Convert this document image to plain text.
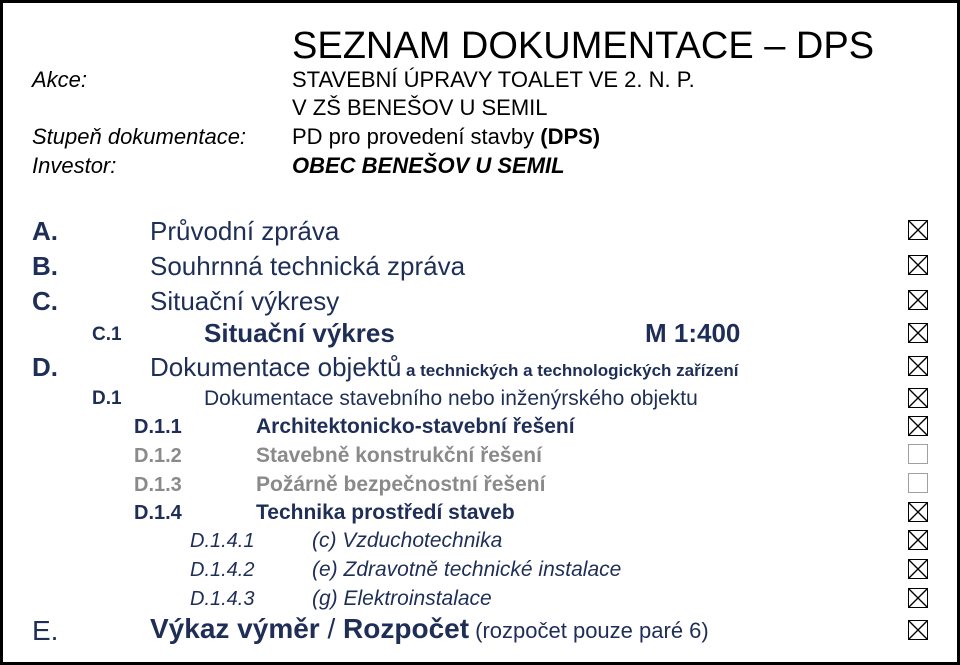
SEZNAM DOKUMENTACE – DPS
Akce:	STAVEBNÍ ÚPRAVY TOALET VE 2. N. P.
V ZŠ BENEŠOV U SEMIL
Stupeň dokumentace: PD pro provedení stavby (DPS)
Investor:	OBEC BENEŠOV U SEMIL
A.	Průvodní zpráva
B.	Souhrnná technická zpráva
C.	Situační výkresy
C.1	Situační výkres	M 1:400
D.	Dokumentace objektů a technických a technologických zařízení
D.1	Dokumentace stavebního nebo inženýrského objektu
D.1.1	Architektonicko-stavební řešení
D.1.2	Stavebně konstrukční řešení
D.1.3	Požárně bezpečnostní řešení
D.1.4	Technika prostředí staveb
D.1.4.1	(c) Vzduchotechnika
D.1.4.2	(e) Zdravotně technické instalace
D.1.4.3	(g) Elektroinstalace
E.	Výkaz výměr / Rozpočet (rozpočet pouze paré 6)
